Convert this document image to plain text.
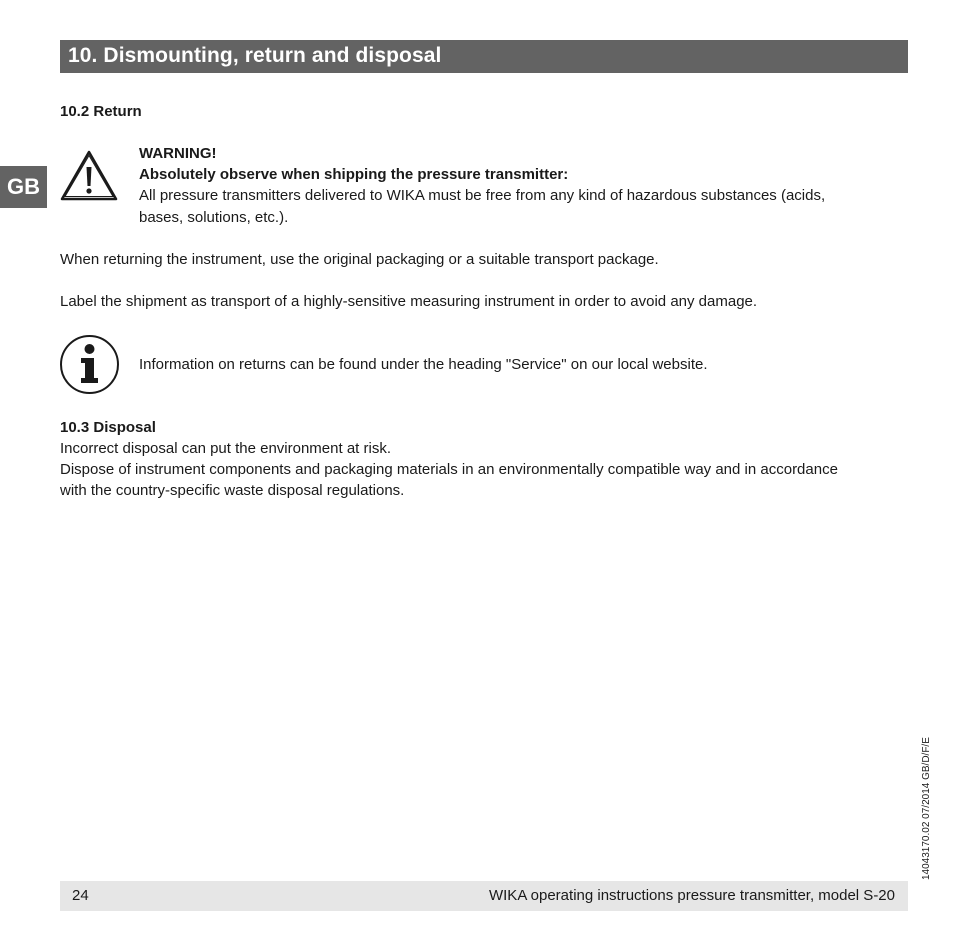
10. Dismounting, return and disposal
GB
10.2 Return
WARNING!
Absolutely observe when shipping the pressure transmitter:
All pressure transmitters delivered to WIKA must be free from any kind of hazardous substances (acids,
bases, solutions, etc.).
When returning the instrument, use the original packaging or a suitable transport package.
Label the shipment as transport of a highly-sensitive measuring instrument in order to avoid any damage.
Information on returns can be found under the heading "Service" on our local website.
10.3 Disposal
Incorrect disposal can put the environment at risk.
Dispose of instrument components and packaging materials in an environmentally compatible way and in accordance
with the country-specific waste disposal regulations.
14043170.02 07/2014 GB/D/F/E
24	WIKA operating instructions pressure transmitter, model S-20
